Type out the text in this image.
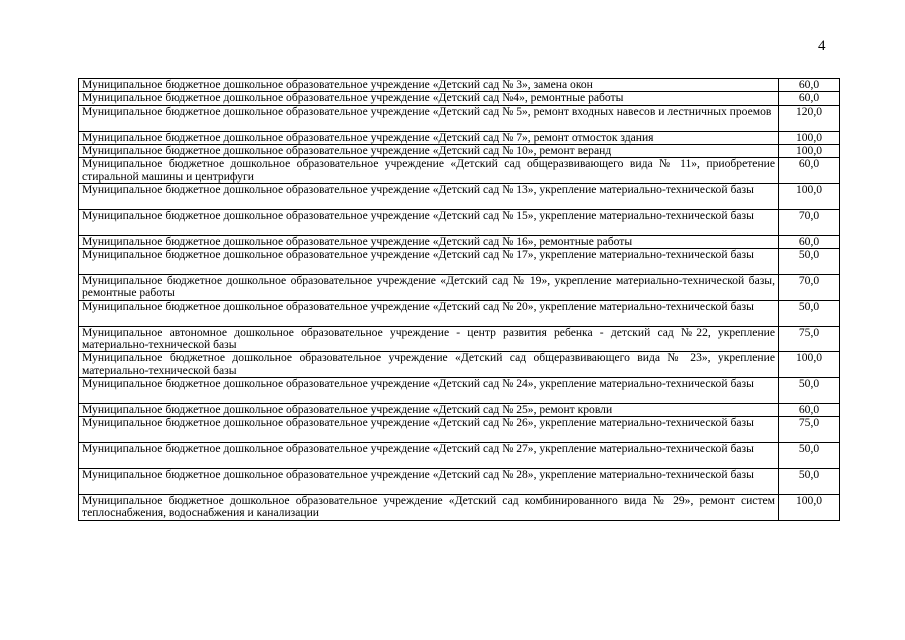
4
Муниципальное бюджетное дошкольное образовательное учреждение «Детский сад № 3», замена окон	60,0
Муниципальное бюджетное дошкольное образовательное учреждение «Детский сад №4», ремонтные работы	60,0
Муниципальное бюджетное дошкольное образовательное учреждение «Детский сад № 5», ремонт входных навесов и лестничных проемов	120,0
Муниципальное бюджетное дошкольное образовательное учреждение «Детский сад № 7», ремонт отмосток здания	100,0
Муниципальное бюджетное дошкольное образовательное учреждение «Детский сад № 10», ремонт веранд	100,0
Муниципальное бюджетное дошкольное образовательное учреждение «Детский сад общеразвивающего вида № 11», приобретение стиральной машины и центрифуги	60,0
Муниципальное бюджетное дошкольное образовательное учреждение «Детский сад № 13», укрепление материально-технической базы	100,0
Муниципальное бюджетное дошкольное образовательное учреждение «Детский сад № 15», укрепление материально-технической базы	70,0
Муниципальное бюджетное дошкольное образовательное учреждение «Детский сад № 16», ремонтные работы	60,0
Муниципальное бюджетное дошкольное образовательное учреждение «Детский сад № 17», укрепление материально-технической базы	50,0
Муниципальное бюджетное дошкольное образовательное учреждение «Детский сад № 19», укрепление материально-технической базы, ремонтные работы	70,0
Муниципальное бюджетное дошкольное образовательное учреждение «Детский сад № 20», укрепление материально-технической базы	50,0
Муниципальное автономное дошкольное образовательное учреждение - центр развития ребенка - детский сад №22, укрепление материально-технической базы	75,0
Муниципальное бюджетное дошкольное образовательное учреждение «Детский сад общеразвивающего вида № 23», укрепление материально-технической базы	100,0
Муниципальное бюджетное дошкольное образовательное учреждение «Детский сад № 24», укрепление материально-технической базы	50,0
Муниципальное бюджетное дошкольное образовательное учреждение «Детский сад № 25», ремонт кровли	60,0
Муниципальное бюджетное дошкольное образовательное учреждение «Детский сад № 26», укрепление материально-технической базы	75,0
Муниципальное бюджетное дошкольное образовательное учреждение «Детский сад № 27», укрепление материально-технической базы	50,0
Муниципальное бюджетное дошкольное образовательное учреждение «Детский сад № 28», укрепление материально-технической базы	50,0
Муниципальное бюджетное дошкольное образовательное учреждение «Детский сад комбинированного вида № 29», ремонт систем теплоснабжения, водоснабжения и канализации	100,0
